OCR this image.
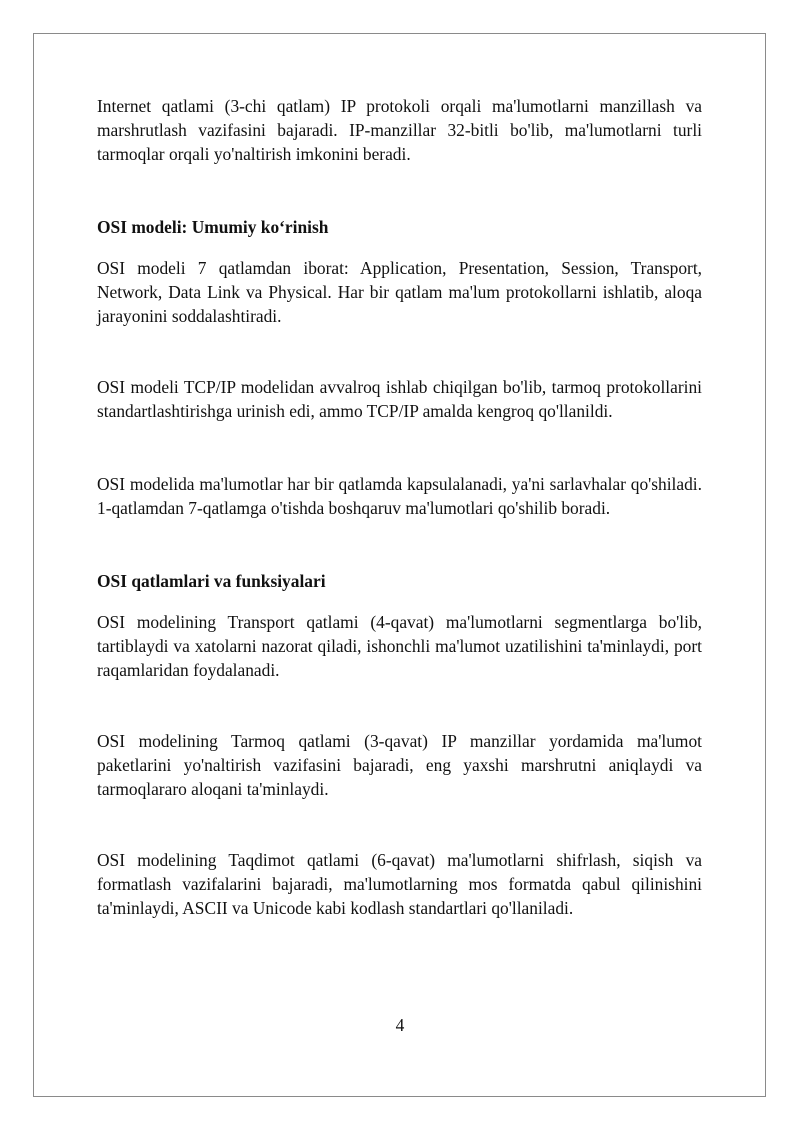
Internet qatlami (3-chi qatlam) IP protokoli orqali ma'lumotlarni manzillash va marshrutlash vazifasini bajaradi. IP-manzillar 32-bitli bo'lib, ma'lumotlarni turli tarmoqlar orqali yo'naltirish imkonini beradi.

OSI modeli: Umumiy koʻrinish

OSI modeli 7 qatlamdan iborat: Application, Presentation, Session, Transport, Network, Data Link va Physical. Har bir qatlam ma'lum protokollarni ishlatib, aloqa jarayonini soddalashtiradi.

OSI modeli TCP/IP modelidan avvalroq ishlab chiqilgan bo'lib, tarmoq protokollarini standartlashtirishga urinish edi, ammo TCP/IP amalda kengroq qo'llanildi.

OSI modelida ma'lumotlar har bir qatlamda kapsulalanadi, ya'ni sarlavhalar qo'shiladi. 1-qatlamdan 7-qatlamga o'tishda boshqaruv ma'lumotlari qo'shilib boradi.

OSI qatlamlari va funksiyalari

OSI modelining Transport qatlami (4-qavat) ma'lumotlarni segmentlarga bo'lib, tartiblaydi va xatolarni nazorat qiladi, ishonchli ma'lumot uzatilishini ta'minlaydi, port raqamlaridan foydalanadi.

OSI modelining Tarmoq qatlami (3-qavat) IP manzillar yordamida ma'lumot paketlarini yo'naltirish vazifasini bajaradi, eng yaxshi marshrutni aniqlaydi va tarmoqlararo aloqani ta'minlaydi.

OSI modelining Taqdimot qatlami (6-qavat) ma'lumotlarni shifrlash, siqish va formatlash vazifalarini bajaradi, ma'lumotlarning mos formatda qabul qilinishini ta'minlaydi, ASCII va Unicode kabi kodlash standartlari qo'llaniladi.

4
